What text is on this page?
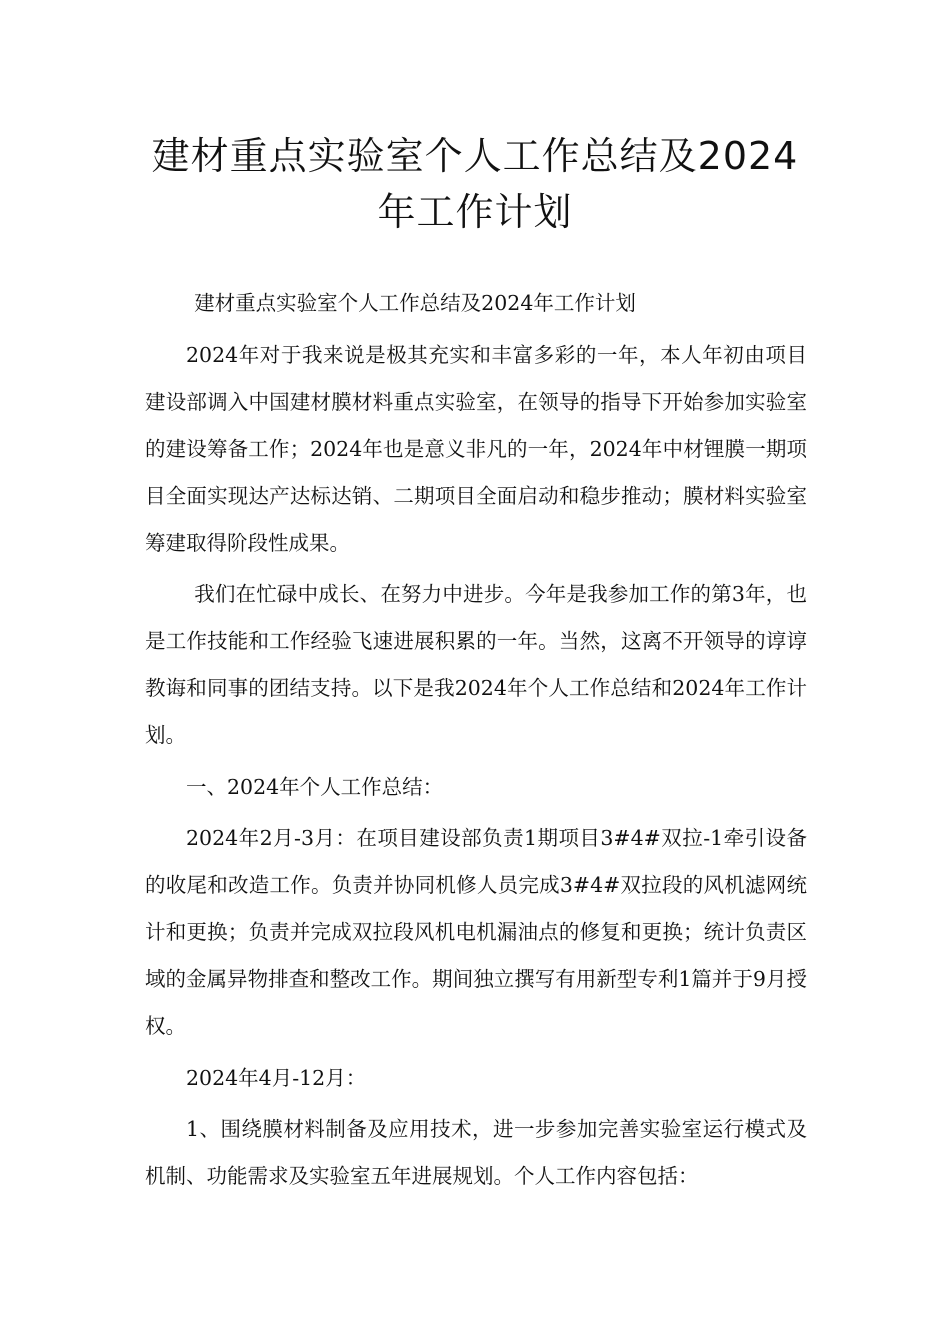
建材重点实验室个人工作总结及2024
年工作计划

建材重点实验室个人工作总结及2024年工作计划

2024年对于我来说是极其充实和丰富多彩的一年，本人年初由项目建设部调入中国建材膜材料重点实验室，在领导的指导下开始参加实验室的建设筹备工作；2024年也是意义非凡的一年，2024年中材锂膜一期项目全面实现达产达标达销、二期项目全面启动和稳步推动；膜材料实验室筹建取得阶段性成果。

我们在忙碌中成长、在努力中进步。今年是我参加工作的第3年，也是工作技能和工作经验飞速进展积累的一年。当然，这离不开领导的谆谆教诲和同事的团结支持。以下是我2024年个人工作总结和2024年工作计划。

一、2024年个人工作总结：

2024年2月-3月：在项目建设部负责1期项目3#4#双拉-1牵引设备的收尾和改造工作。负责并协同机修人员完成3#4#双拉段的风机滤网统计和更换；负责并完成双拉段风机电机漏油点的修复和更换；统计负责区域的金属异物排查和整改工作。期间独立撰写有用新型专利1篇并于9月授权。

2024年4月-12月：

1、围绕膜材料制备及应用技术，进一步参加完善实验室运行模式及机制、功能需求及实验室五年进展规划。个人工作内容包括：
